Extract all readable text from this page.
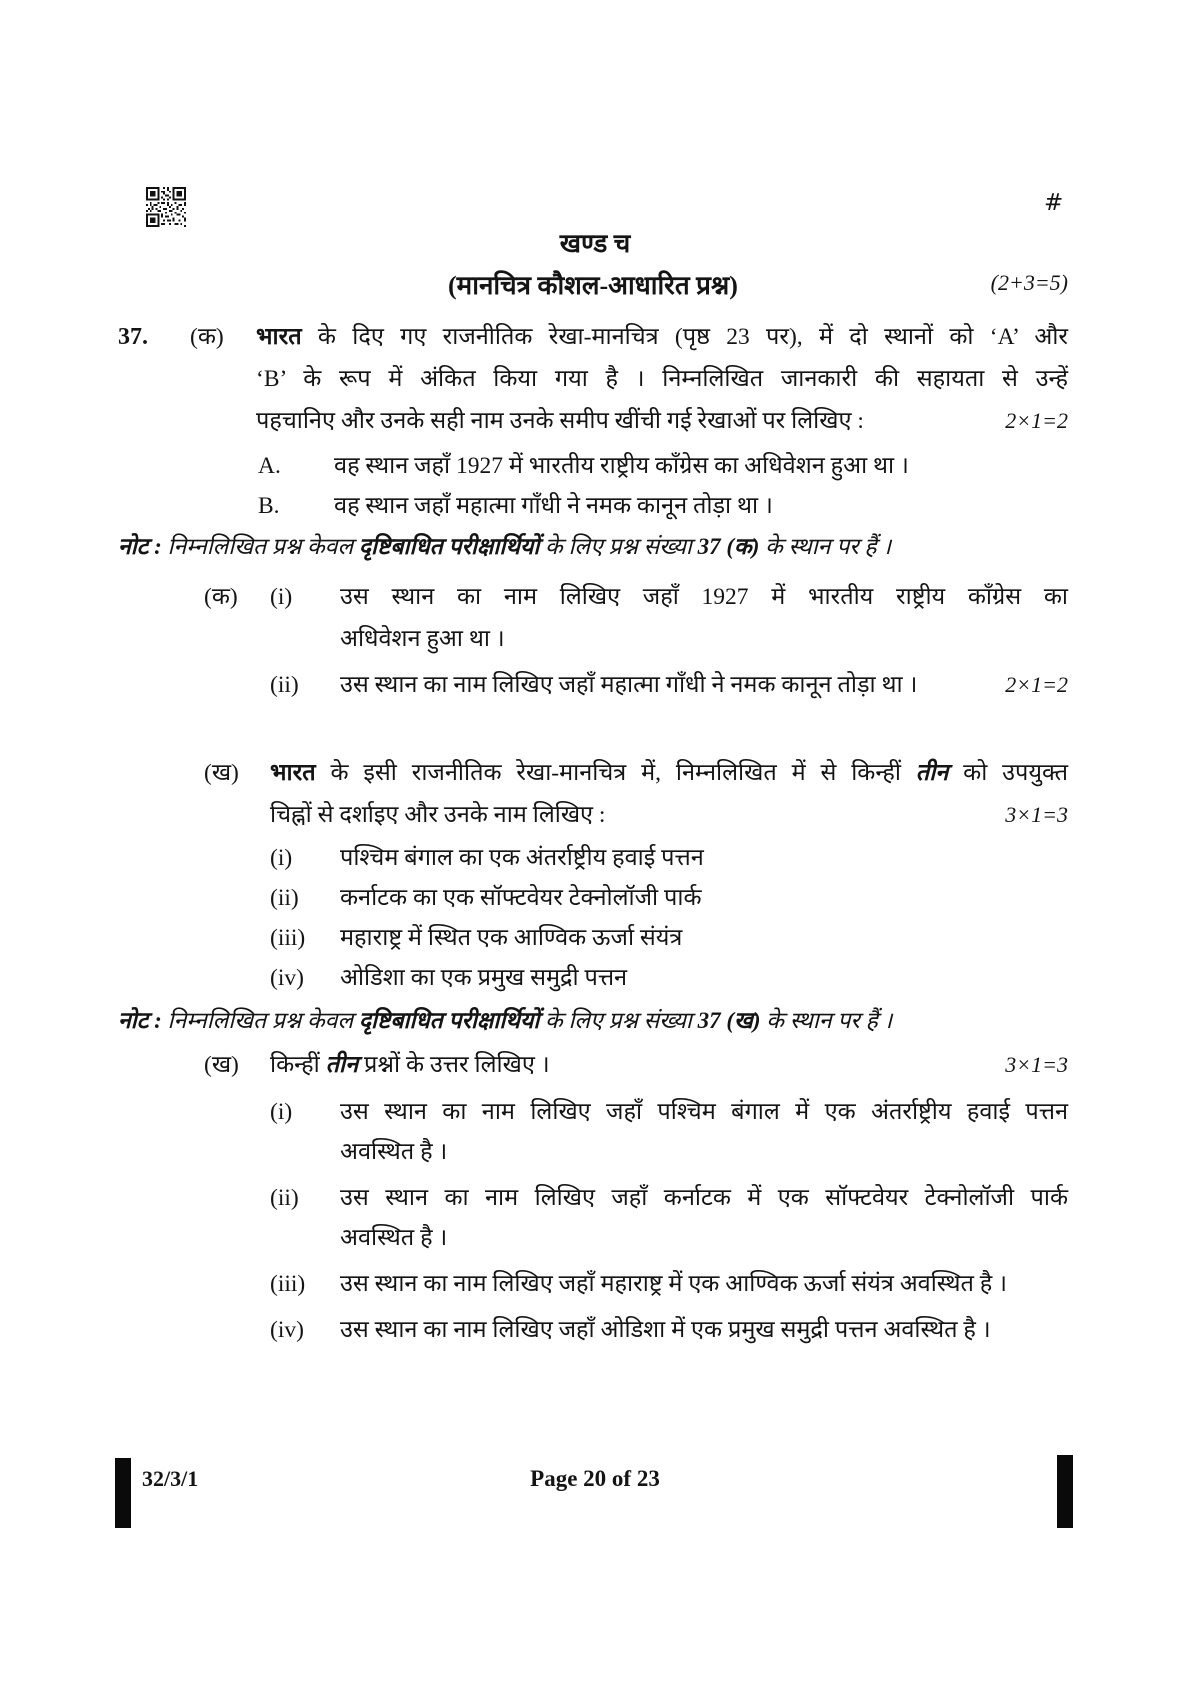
#
खण्ड च
(मानचित्र कौशल-आधारित प्रश्न)	(2+3=5)
37.	(क)	भारत के दिए गए राजनीतिक रेखा-मानचित्र (पृष्ठ 23 पर), में दो स्थानों को ‘A’ और
‘B’ के रूप में अंकित किया गया है । निम्नलिखित जानकारी की सहायता से उन्हें
पहचानिए और उनके सही नाम उनके समीप खींची गई रेखाओं पर लिखिए :	2×1=2
A.	वह स्थान जहाँ 1927 में भारतीय राष्ट्रीय काँग्रेस का अधिवेशन हुआ था ।
B.	वह स्थान जहाँ महात्मा गाँधी ने नमक कानून तोड़ा था ।
नोट : निम्नलिखित प्रश्न केवल दृष्टिबाधित परीक्षार्थियों के लिए प्रश्न संख्या 37 (क) के स्थान पर हैं ।
(क)	(i)	उस स्थान का नाम लिखिए जहाँ 1927 में भारतीय राष्ट्रीय काँग्रेस का
अधिवेशन हुआ था ।
(ii)	उस स्थान का नाम लिखिए जहाँ महात्मा गाँधी ने नमक कानून तोड़ा था ।	2×1=2
(ख)	भारत के इसी राजनीतिक रेखा-मानचित्र में, निम्नलिखित में से किन्हीं तीन को उपयुक्त
चिह्नों से दर्शाइए और उनके नाम लिखिए :	3×1=3
(i)	पश्चिम बंगाल का एक अंतर्राष्ट्रीय हवाई पत्तन
(ii)	कर्नाटक का एक सॉफ्टवेयर टेक्नोलॉजी पार्क
(iii)	महाराष्ट्र में स्थित एक आण्विक ऊर्जा संयंत्र
(iv)	ओडिशा का एक प्रमुख समुद्री पत्तन
नोट : निम्नलिखित प्रश्न केवल दृष्टिबाधित परीक्षार्थियों के लिए प्रश्न संख्या 37 (ख) के स्थान पर हैं ।
(ख)	किन्हीं तीन प्रश्नों के उत्तर लिखिए ।	3×1=3
(i)	उस स्थान का नाम लिखिए जहाँ पश्चिम बंगाल में एक अंतर्राष्ट्रीय हवाई पत्तन
अवस्थित है ।
(ii)	उस स्थान का नाम लिखिए जहाँ कर्नाटक में एक सॉफ्टवेयर टेक्नोलॉजी पार्क
अवस्थित है ।
(iii)	उस स्थान का नाम लिखिए जहाँ महाराष्ट्र में एक आण्विक ऊर्जा संयंत्र अवस्थित है ।
(iv)	उस स्थान का नाम लिखिए जहाँ ओडिशा में एक प्रमुख समुद्री पत्तन अवस्थित है ।
32/3/1	Page 20 of 23
